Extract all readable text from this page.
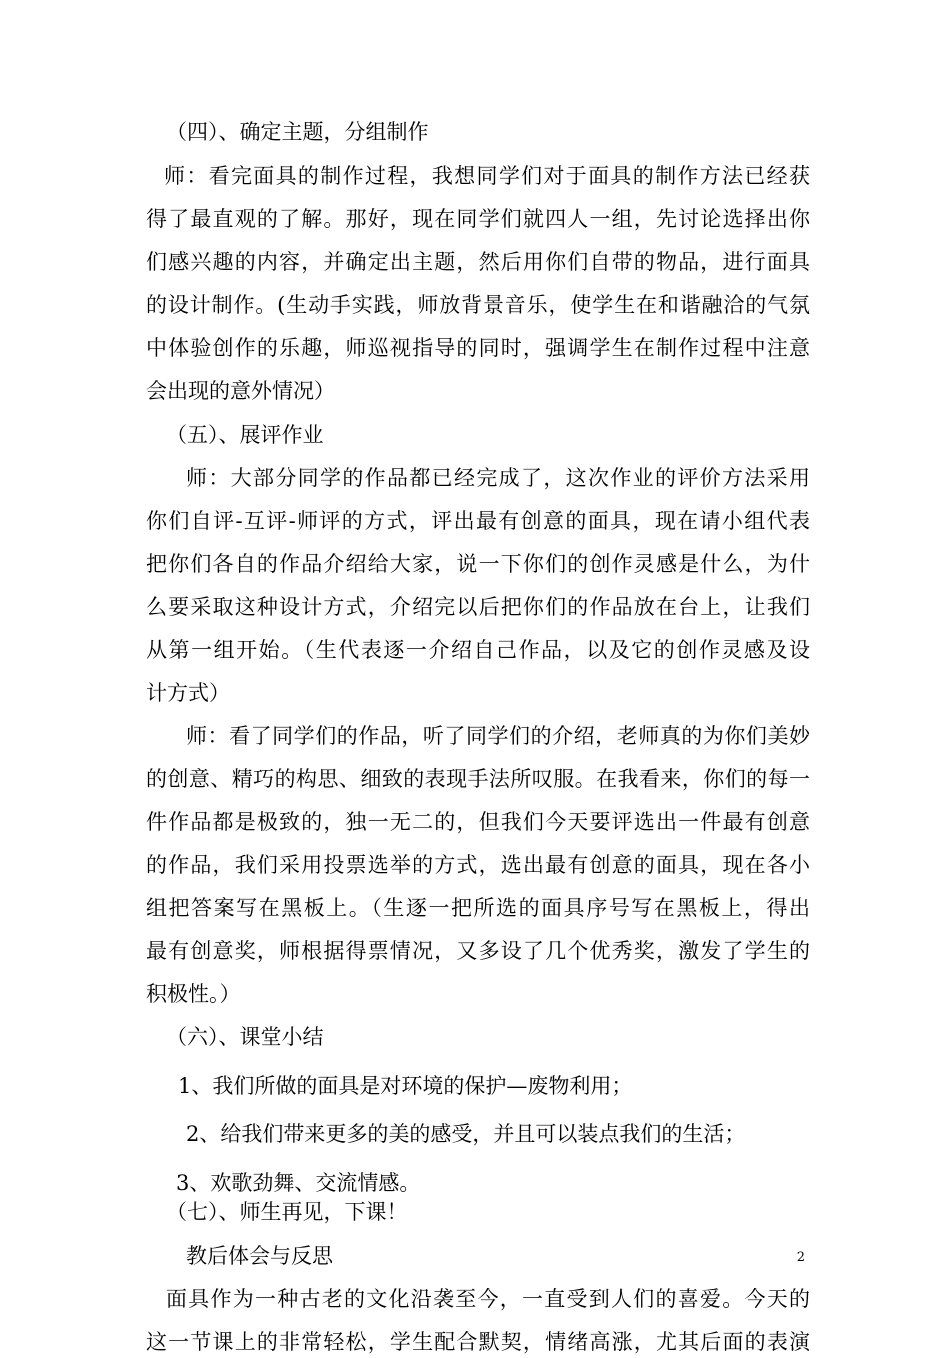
（四）、确定主题，分组制作
师：看完面具的制作过程，我想同学们对于面具的制作方法已经获
得了最直观的了解。那好，现在同学们就四人一组，先讨论选择出你
们感兴趣的内容，并确定出主题，然后用你们自带的物品，进行面具
的设计制作。(生动手实践，师放背景音乐，使学生在和谐融洽的气氛
中体验创作的乐趣，师巡视指导的同时，强调学生在制作过程中注意
会出现的意外情况）
（五）、展评作业
师：大部分同学的作品都已经完成了，这次作业的评价方法采用
你们自评-互评-师评的方式，评出最有创意的面具，现在请小组代表
把你们各自的作品介绍给大家，说一下你们的创作灵感是什么，为什
么要采取这种设计方式，介绍完以后把你们的作品放在台上，让我们
从第一组开始。（生代表逐一介绍自己作品，以及它的创作灵感及设
计方式）
师：看了同学们的作品，听了同学们的介绍，老师真的为你们美妙
的创意、精巧的构思、细致的表现手法所叹服。在我看来，你们的每一
件作品都是极致的，独一无二的，但我们今天要评选出一件最有创意
的作品，我们采用投票选举的方式，选出最有创意的面具，现在各小
组把答案写在黑板上。（生逐一把所选的面具序号写在黑板上，得出
最有创意奖，师根据得票情况，又多设了几个优秀奖，激发了学生的
积极性。）
（六）、课堂小结
1、我们所做的面具是对环境的保护—废物利用；
2、给我们带来更多的美的感受，并且可以装点我们的生活；
3、欢歌劲舞、交流情感。
（七）、师生再见，下课！
教后体会与反思
面具作为一种古老的文化沿袭至今，一直受到人们的喜爱。今天的
这一节课上的非常轻松，学生配合默契，情绪高涨，尤其后面的表演
2
